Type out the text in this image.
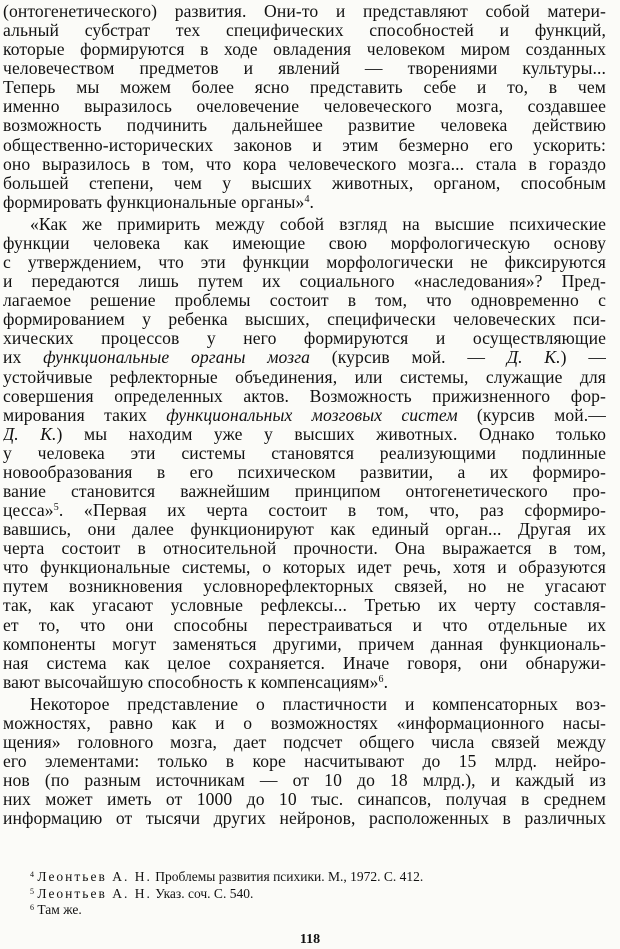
(онтогенетического) развития. Они-то и представляют собой матери-
альный субстрат тех специфических способностей и функций,
которые формируются в ходе овладения человеком миром созданных
человечеством предметов и явлений — творениями культуры...
Теперь мы можем более ясно представить себе и то, в чем
именно выразилось очеловечение человеческого мозга, создавшее
возможность подчинить дальнейшее развитие человека действию
общественно-исторических законов и этим безмерно его ускорить:
оно выразилось в том, что кора человеческого мозга... стала в гораздо
большей степени, чем у высших животных, органом, способным
формировать функциональные органы»$^4$.
«Как же примирить между собой взгляд на высшие психические
функции человека как имеющие свою морфологическую основу
с утверждением, что эти функции морфологически не фиксируются
и передаются лишь путем их социального «наследования»? Пред-
лагаемое решение проблемы состоит в том, что одновременно с
формированием у ребенка высших, специфически человеческих пси-
хических процессов у него формируются и осуществляющие
их функциональные органы мозга (курсив мой. — Д. К.) —
устойчивые рефлекторные объединения, или системы, служащие для
совершения определенных актов. Возможность прижизненного фор-
мирования таких функциональных мозговых систем (курсив мой.—
Д. К.) мы находим уже у высших животных. Однако только
у человека эти системы становятся реализующими подлинные
новообразования в его психическом развитии, а их формиро-
вание становится важнейшим принципом онтогенетического про-
цесса»$^5$. «Первая их черта состоит в том, что, раз сформиро-
вавшись, они далее функционируют как единый орган... Другая их
черта состоит в относительной прочности. Она выражается в том,
что функциональные системы, о которых идет речь, хотя и образуются
путем возникновения условнорефлекторных связей, но не угасают
так, как угасают условные рефлексы... Третью их черту составля-
ет то, что они способны перестраиваться и что отдельные их
компоненты могут заменяться другими, причем данная функциональ-
ная система как целое сохраняется. Иначе говоря, они обнаружи-
вают высочайшую способность к компенсациям»$^6$.
Некоторое представление о пластичности и компенсаторных воз-
можностях, равно как и о возможностях «информационного насы-
щения» головного мозга, дает подсчет общего числа связей между
его элементами: только в коре насчитывают до 15 млрд. нейро-
нов (по разным источникам — от 10 до 18 млрд.), и каждый из
них может иметь от 1000 до 10 тыс. синапсов, получая в среднем
информацию от тысячи других нейронов, расположенных в различных
$^4$ Леонтьев А. Н. Проблемы развития психики. М., 1972. С. 412.
$^5$ Леонтьев А. Н. Указ. соч. С. 540.
$^6$ Там же.
118
